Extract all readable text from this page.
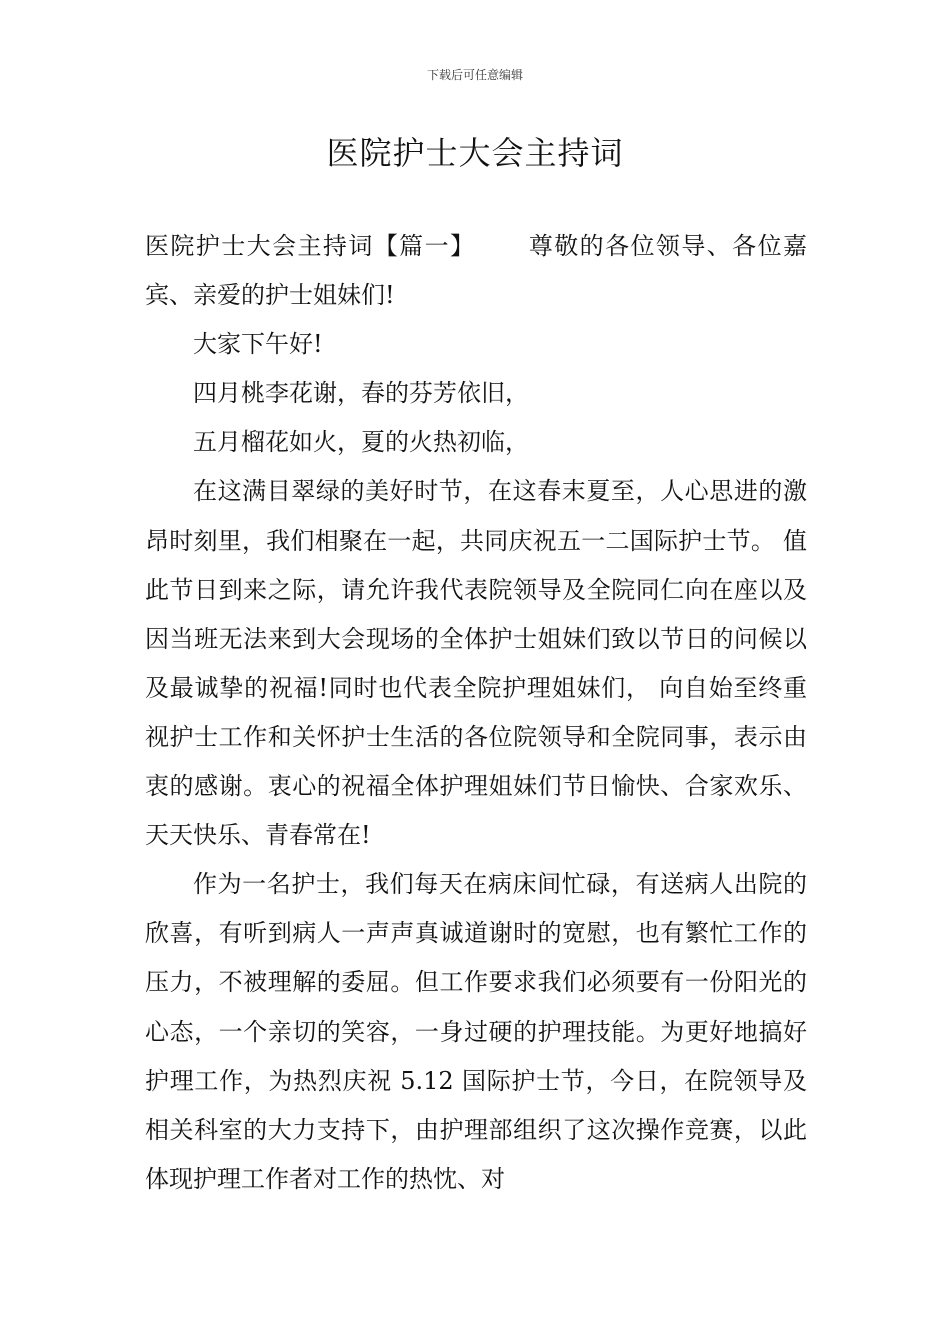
下载后可任意编辑
医院护士大会主持词

医院护士大会主持词【篇一】 尊敬的各位领导、各位嘉宾、亲爱的护士姐妹们!

大家下午好!

四月桃李花谢，春的芬芳依旧，

五月榴花如火，夏的火热初临，

在这满目翠绿的美好时节，在这春末夏至，人心思进的激昂时刻里，我们相聚在一起，共同庆祝五一二国际护士节。 值此节日到来之际，请允许我代表院领导及全院同仁向在座以及因当班无法来到大会现场的全体护士姐妹们致以节日的问候以及最诚挚的祝福!同时也代表全院护理姐妹们， 向自始至终重视护士工作和关怀护士生活的各位院领导和全院同事，表示由衷的感谢。衷心的祝福全体护理姐妹们节日愉快、合家欢乐、天天快乐、青春常在!

作为一名护士，我们每天在病床间忙碌，有送病人出院的欣喜，有听到病人一声声真诚道谢时的宽慰，也有繁忙工作的压力，不被理解的委屈。但工作要求我们必须要有一份阳光的心态，一个亲切的笑容，一身过硬的护理技能。为更好地搞好护理工作，为热烈庆祝 5.12 国际护士节，今日，在院领导及相关科室的大力支持下，由护理部组织了这次操作竞赛，以此体现护理工作者对工作的热忱、对
